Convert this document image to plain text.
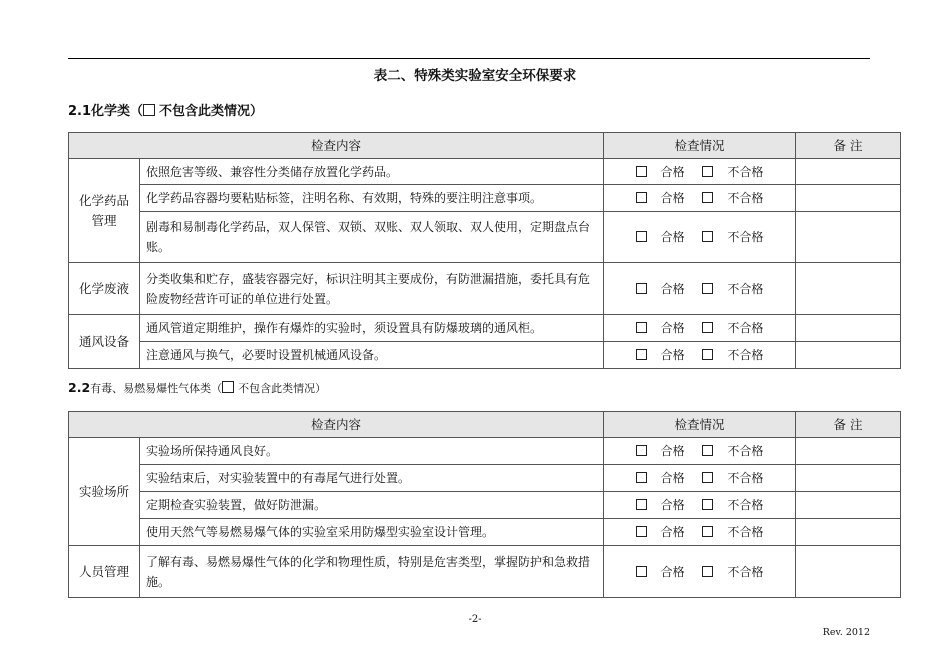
表二、特殊类实验室安全环保要求
2.1化学类（ 不包含此类情况）
检查内容		检查情况	备 注
化学药品管理	依照危害等级、兼容性分类储存放置化学药品。	合格 不合格	
	化学药品容器均要粘贴标签，注明名称、有效期，特殊的要注明注意事项。	合格 不合格	
	剧毒和易制毒化学药品，双人保管、双锁、双账、双人领取、双人使用，定期盘点台账。	合格 不合格	
化学废液	分类收集和贮存，盛装容器完好，标识注明其主要成份，有防泄漏措施，委托具有危险废物经营许可证的单位进行处置。	合格 不合格	
通风设备	通风管道定期维护，操作有爆炸的实验时，须设置具有防爆玻璃的通风柜。	合格 不合格	
	注意通风与换气，必要时设置机械通风设备。	合格 不合格	
2.2有毒、易燃易爆性气体类（ 不包含此类情况）
检查内容		检查情况	备 注
实验场所	实验场所保持通风良好。	合格 不合格	
	实验结束后，对实验装置中的有毒尾气进行处置。	合格 不合格	
	定期检查实验装置，做好防泄漏。	合格 不合格	
	使用天然气等易燃易爆气体的实验室采用防爆型实验室设计管理。	合格 不合格	
人员管理	了解有毒、易燃易爆性气体的化学和物理性质，特别是危害类型，掌握防护和急救措施。	合格 不合格	
-2-
Rev. 2012
